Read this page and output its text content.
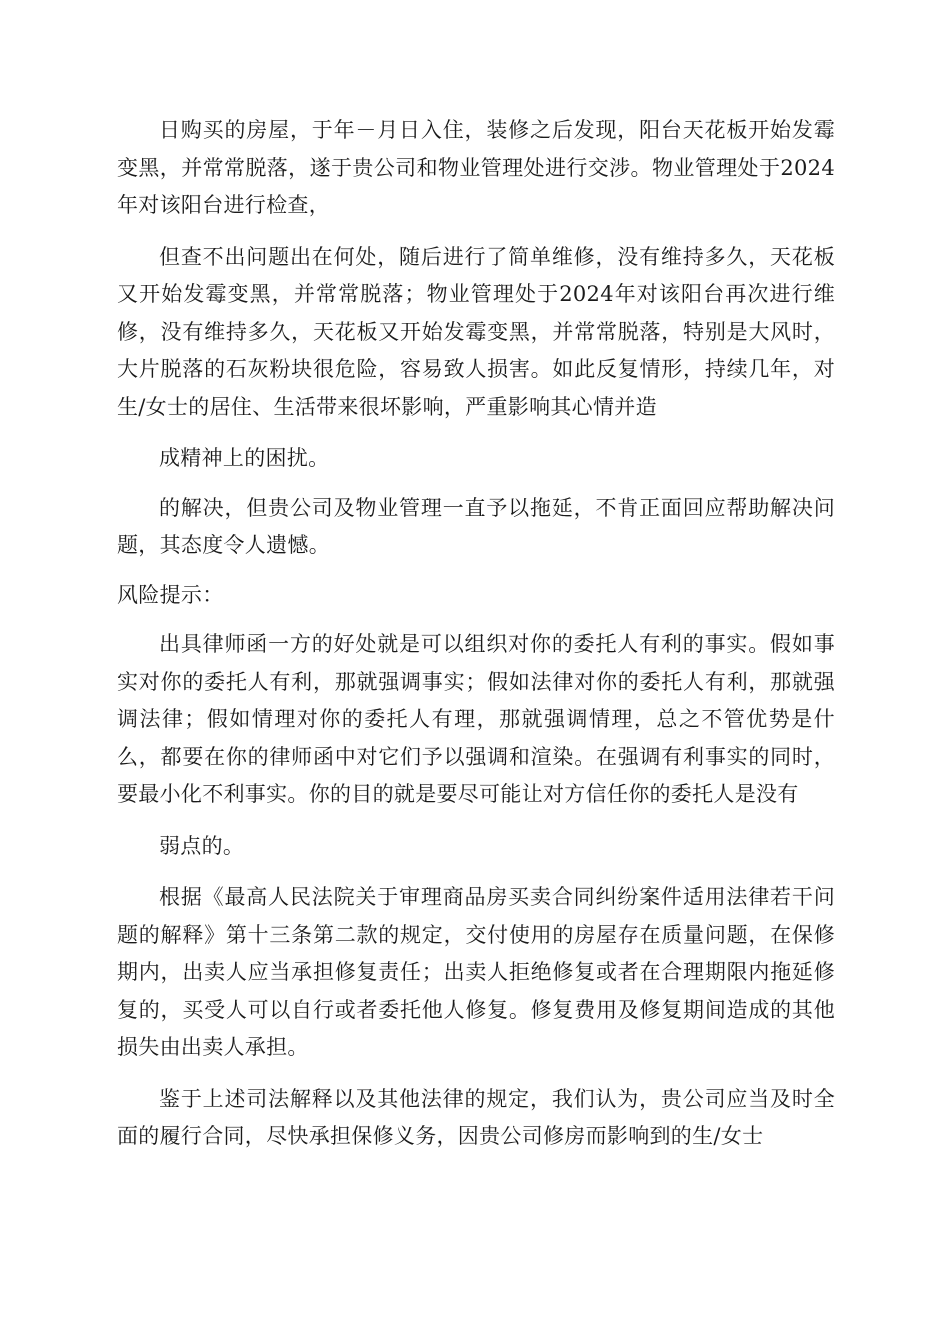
日购买的房屋，于年－月日入住，装修之后发现，阳台天花板开始发霉变黑，并常常脱落，遂于贵公司和物业管理处进行交涉。物业管理处于2024年对该阳台进行检查，

但查不出问题出在何处，随后进行了简单维修，没有维持多久，天花板又开始发霉变黑，并常常脱落；物业管理处于2024年对该阳台再次进行维修，没有维持多久，天花板又开始发霉变黑，并常常脱落，特别是大风时，大片脱落的石灰粉块很危险，容易致人损害。如此反复情形，持续几年，对生/女士的居住、生活带来很坏影响，严重影响其心情并造

成精神上的困扰。

的解决，但贵公司及物业管理一直予以拖延，不肯正面回应帮助解决问题，其态度令人遗憾。

风险提示：

出具律师函一方的好处就是可以组织对你的委托人有利的事实。假如事实对你的委托人有利，那就强调事实；假如法律对你的委托人有利，那就强调法律；假如情理对你的委托人有理，那就强调情理，总之不管优势是什么，都要在你的律师函中对它们予以强调和渲染。在强调有利事实的同时，要最小化不利事实。你的目的就是要尽可能让对方信任你的委托人是没有

弱点的。

根据《最高人民法院关于审理商品房买卖合同纠纷案件适用法律若干问题的解释》第十三条第二款的规定，交付使用的房屋存在质量问题，在保修期内，出卖人应当承担修复责任；出卖人拒绝修复或者在合理期限内拖延修复的，买受人可以自行或者委托他人修复。修复费用及修复期间造成的其他损失由出卖人承担。

鉴于上述司法解释以及其他法律的规定，我们认为，贵公司应当及时全面的履行合同，尽快承担保修义务，因贵公司修房而影响到的生/女士
